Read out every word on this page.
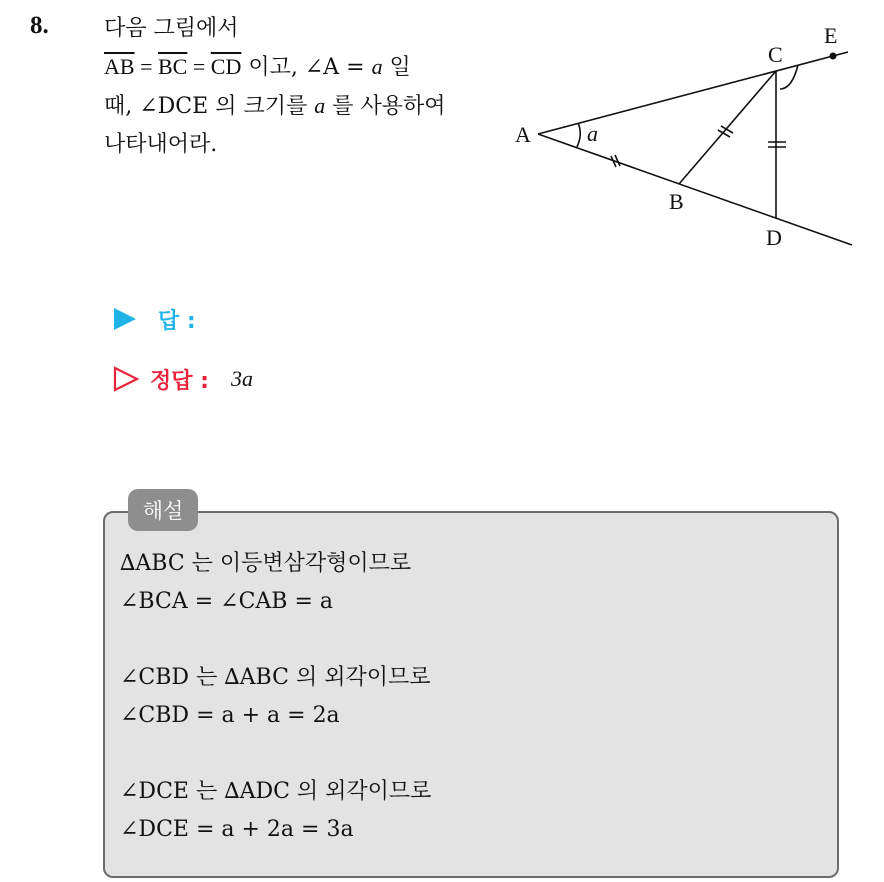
8.	다음 그림에서
$\overline{AB} = \overline{BC} = \overline{CD}$ 이고, ∠A = a 일
때, ∠DCE 의 크기를 a 를 사용하여
나타내어라.	A
B
C
D
E
a
답 :
정답 : 3a
해설
∆ABC 는 이등변삼각형이므로
∠BCA = ∠CAB = a
∠CBD 는 ∆ABC 의 외각이므로
∠CBD = a + a = 2a
∠DCE 는 ∆ADC 의 외각이므로
∠DCE = a + 2a = 3a
